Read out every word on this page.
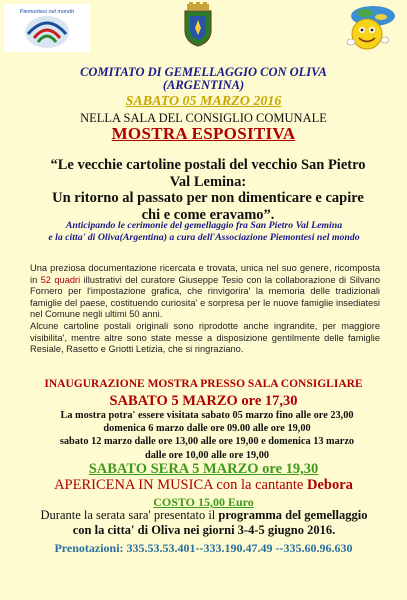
Piemontesi nel mondo
COMITATO DI GEMELLAGGIO CON OLIVA
(ARGENTINA)
SABATO 05 MARZO 2016
NELLA SALA DEL CONSIGLIO COMUNALE
MOSTRA ESPOSITIVA
“Le vecchie cartoline postali del vecchio San Pietro
Val Lemina:
Un ritorno al passato per non dimenticare e capire
chi e come eravamo”.
Anticipando le cerimonie del gemellaggio fra San Pietro Val Lemina
e la citta' di Oliva(Argentina) a cura dell'Associazione Piemontesi nel mondo
Una preziosa documentazione ricercata e trovata, unica nel suo genere, ricomposta in 52 quadri illustrativi del curatore Giuseppe Tesio con la collaborazione di Silvano Fornero per l'impostazione grafica, che rinvigorira' la memoria delle tradizionali famiglie del paese, costituendo curiosita' e sorpresa per le nuove famiglie insediatesi nel Comune negli ultimi 50 anni.
Alcune cartoline postali originali sono riprodotte anche ingrandite, per maggiore visibilita', mentre altre sono state messe a disposizione gentilmente delle famiglie Resiale, Rasetto e Griotti Letizia, che si ringraziano.
INAUGURAZIONE MOSTRA PRESSO SALA CONSIGLIARE
SABATO 5 MARZO ore 17,30
La mostra potra' essere visitata sabato 05 marzo fino alle ore 23,00
domenica 6 marzo dalle ore 09.00 alle ore 19,00
sabato 12 marzo dalle ore 13,00 alle ore 19,00 e domenica 13 marzo
dalle ore 10,00 alle ore 19,00
SABATO SERA 5 MARZO ore 19,30
APERICENA IN MUSICA con la cantante Debora
COSTO 15,00 Euro
Durante la serata sara' presentato il programma del gemellaggio
con la citta' di Oliva nei giorni 3-4-5 giugno 2016.
Prenotazioni: 335.53.53.401--333.190.47.49 --335.60.96.630
